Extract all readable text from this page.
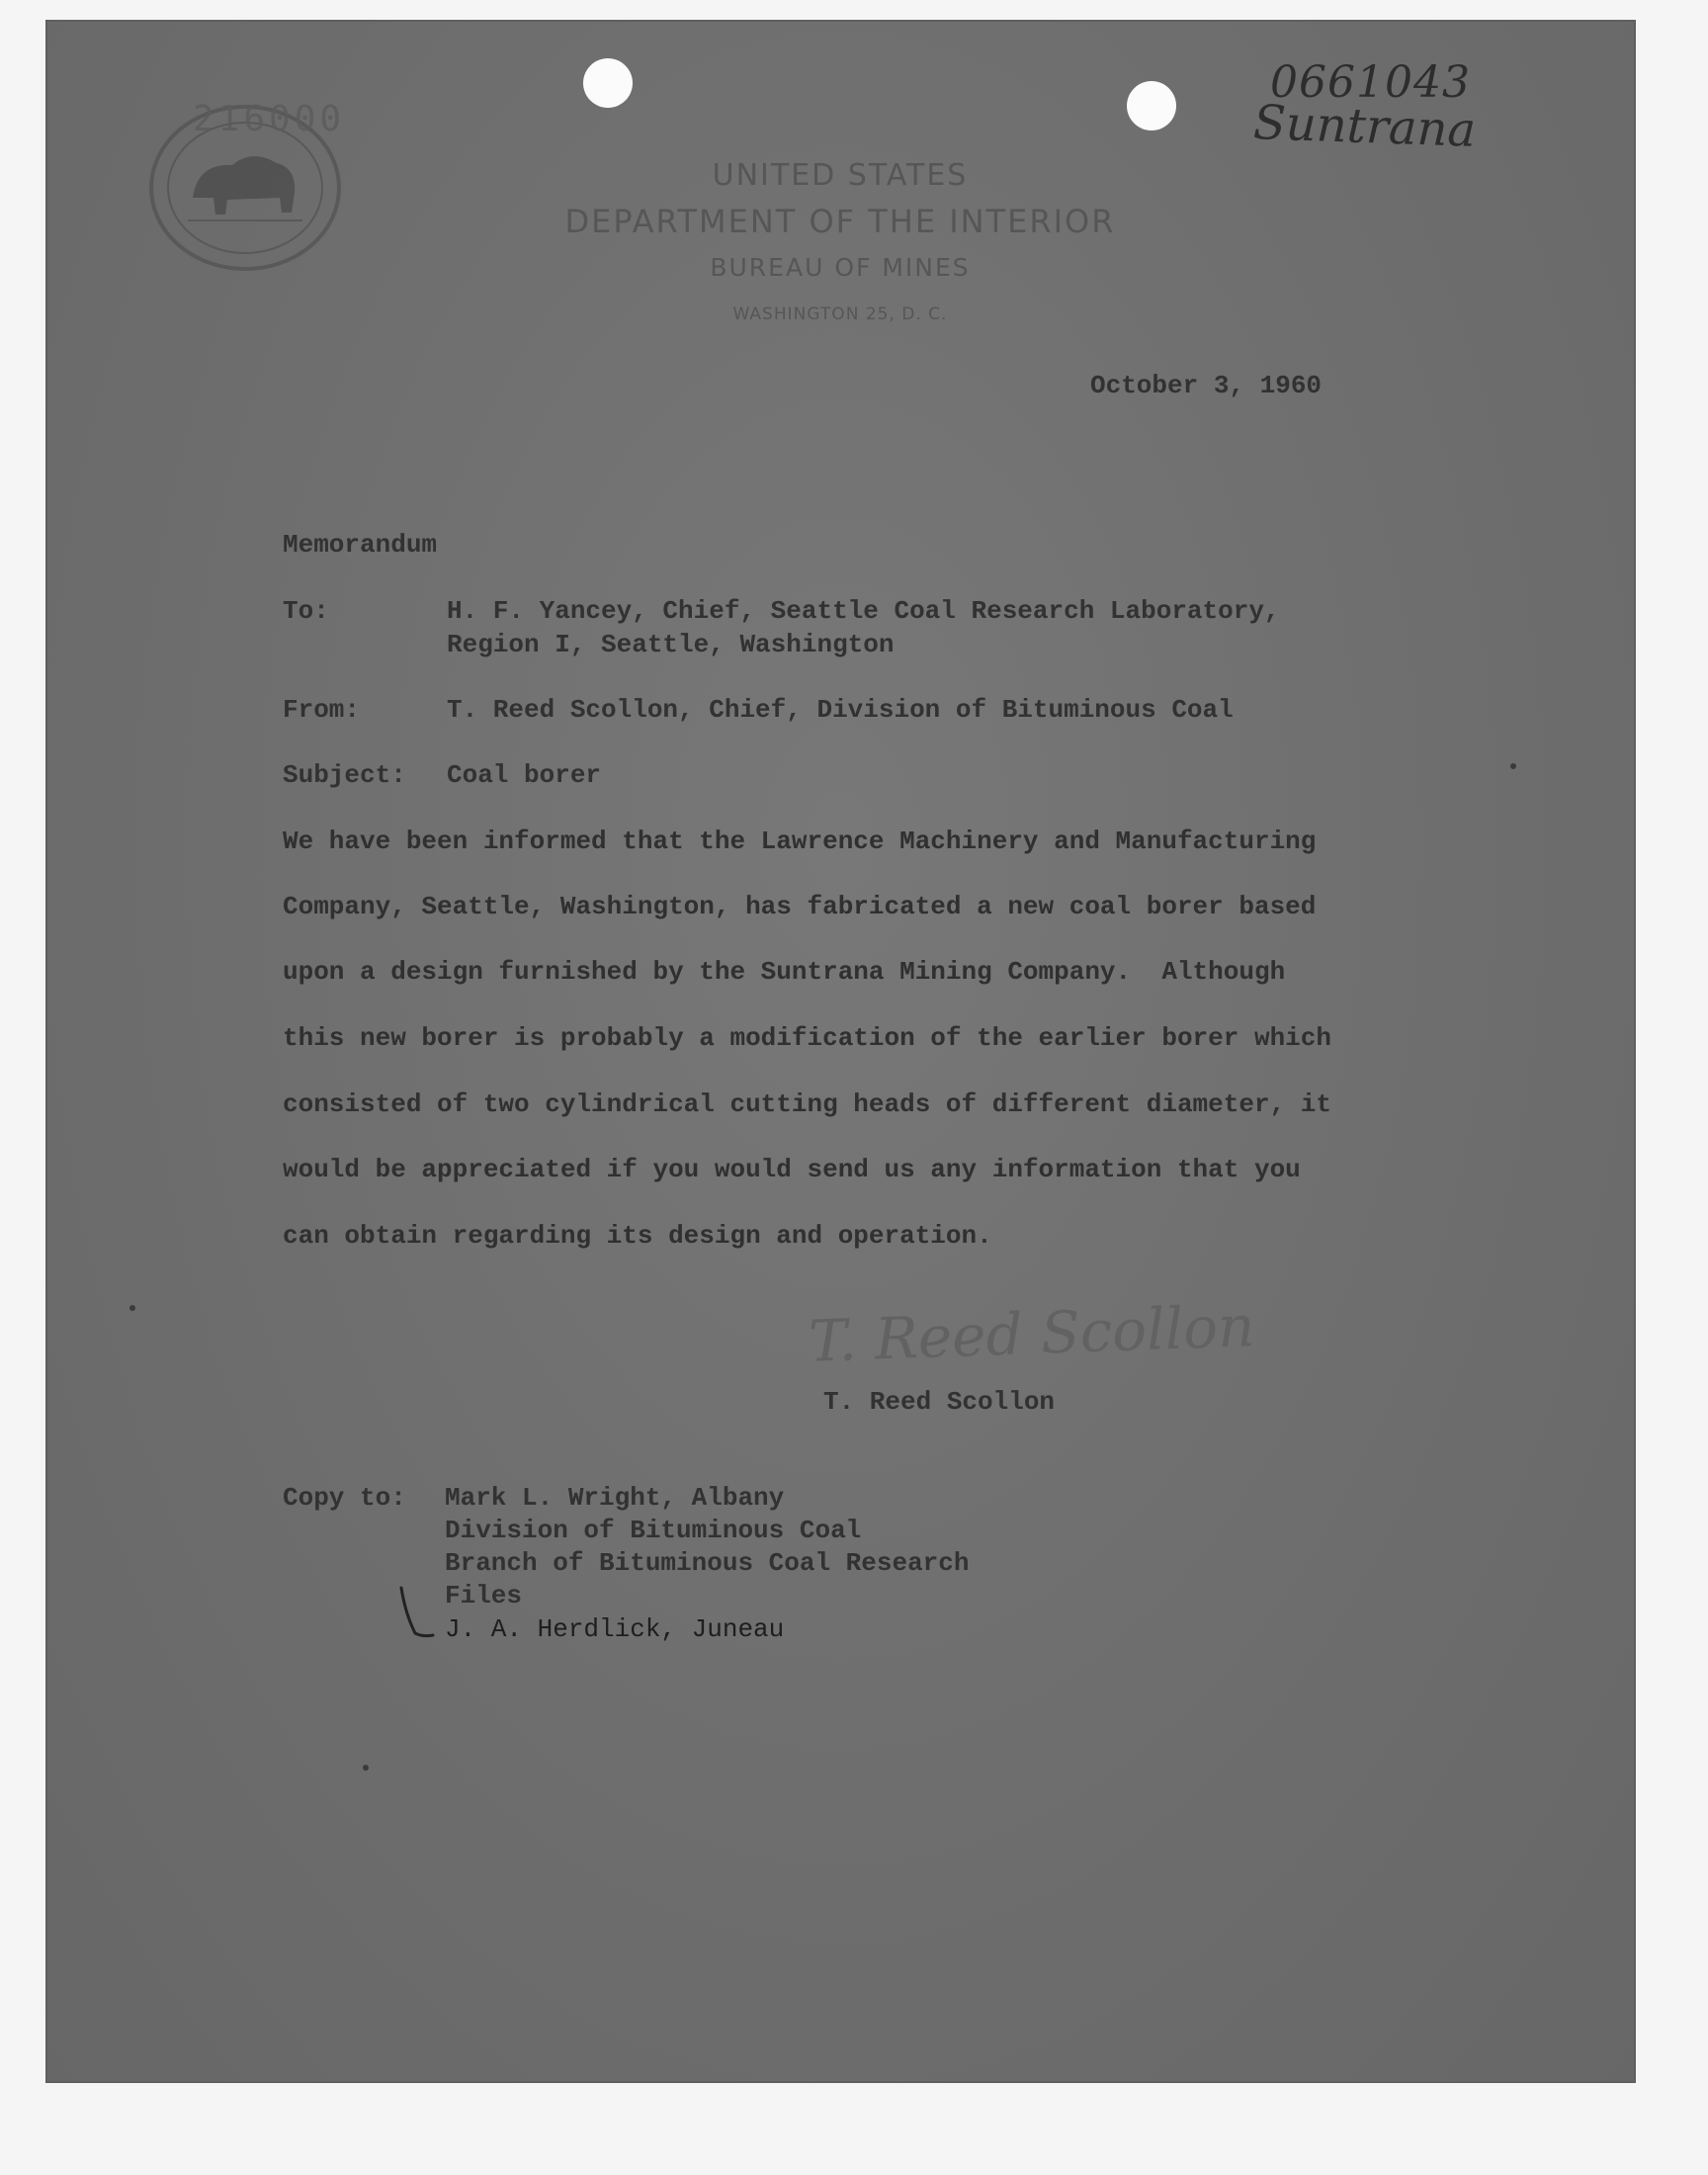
216000
UNITED STATES
DEPARTMENT OF THE INTERIOR
BUREAU OF MINES
WASHINGTON 25, D. C.
0661043
Suntrana
October 3, 1960
Memorandum
To:	H. F. Yancey, Chief, Seattle Coal Research Laboratory,
Region I, Seattle, Washington
From:	T. Reed Scollon, Chief, Division of Bituminous Coal
Subject: Coal borer
We have been informed that the Lawrence Machinery and Manufacturing
Company, Seattle, Washington, has fabricated a new coal borer based
upon a design furnished by the Suntrana Mining Company.  Although
this new borer is probably a modification of the earlier borer which
consisted of two cylindrical cutting heads of different diameter, it
would be appreciated if you would send us any information that you
can obtain regarding its design and operation.
T. Reed Scollon
T. Reed Scollon
Copy to: Mark L. Wright, Albany
Division of Bituminous Coal
Branch of Bituminous Coal Research
Files
J. A. Herdlick, Juneau
